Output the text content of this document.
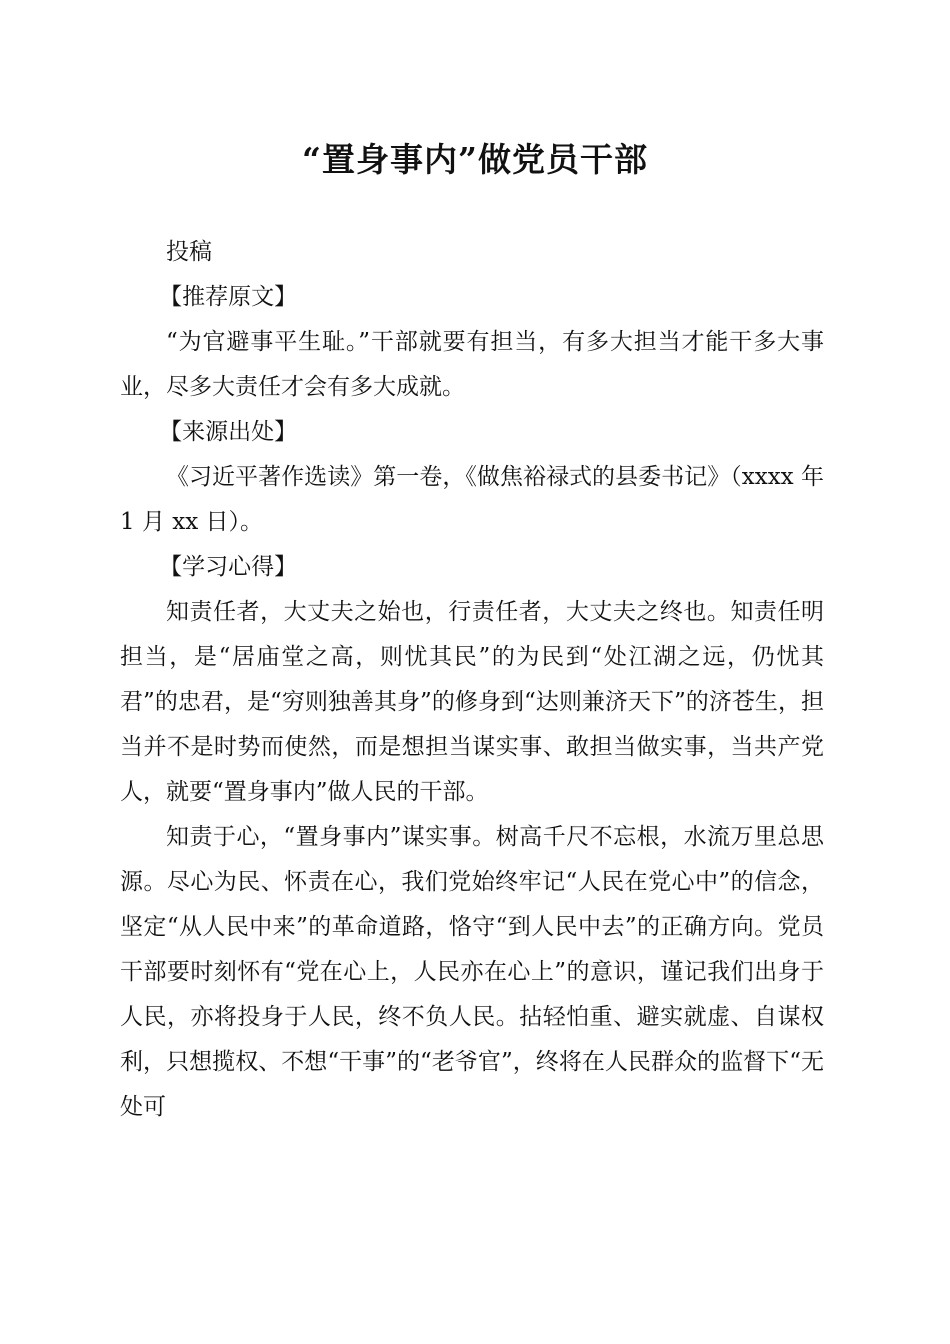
“置身事内”做党员干部

投稿

【推荐原文】

“为官避事平生耻。”干部就要有担当，有多大担当才能干多大事业，尽多大责任才会有多大成就。

【来源出处】

《习近平著作选读》第一卷，《做焦裕禄式的县委书记》（xxxx 年 1 月 xx 日）。

【学习心得】

知责任者，大丈夫之始也，行责任者，大丈夫之终也。知责任明担当，是“居庙堂之高，则忧其民”的为民到“处江湖之远，仍忧其君”的忠君，是“穷则独善其身”的修身到“达则兼济天下”的济苍生，担当并不是时势而使然，而是想担当谋实事、敢担当做实事，当共产党人，就要“置身事内”做人民的干部。

知责于心，“置身事内”谋实事。树高千尺不忘根，水流万里总思源。尽心为民、怀责在心，我们党始终牢记“人民在党心中”的信念，坚定“从人民中来”的革命道路，恪守“到人民中去”的正确方向。党员干部要时刻怀有“党在心上，人民亦在心上”的意识，谨记我们出身于人民，亦将投身于人民，终不负人民。拈轻怕重、避实就虚、自谋权利，只想揽权、不想“干事”的“老爷官”，终将在人民群众的监督下“无处可
